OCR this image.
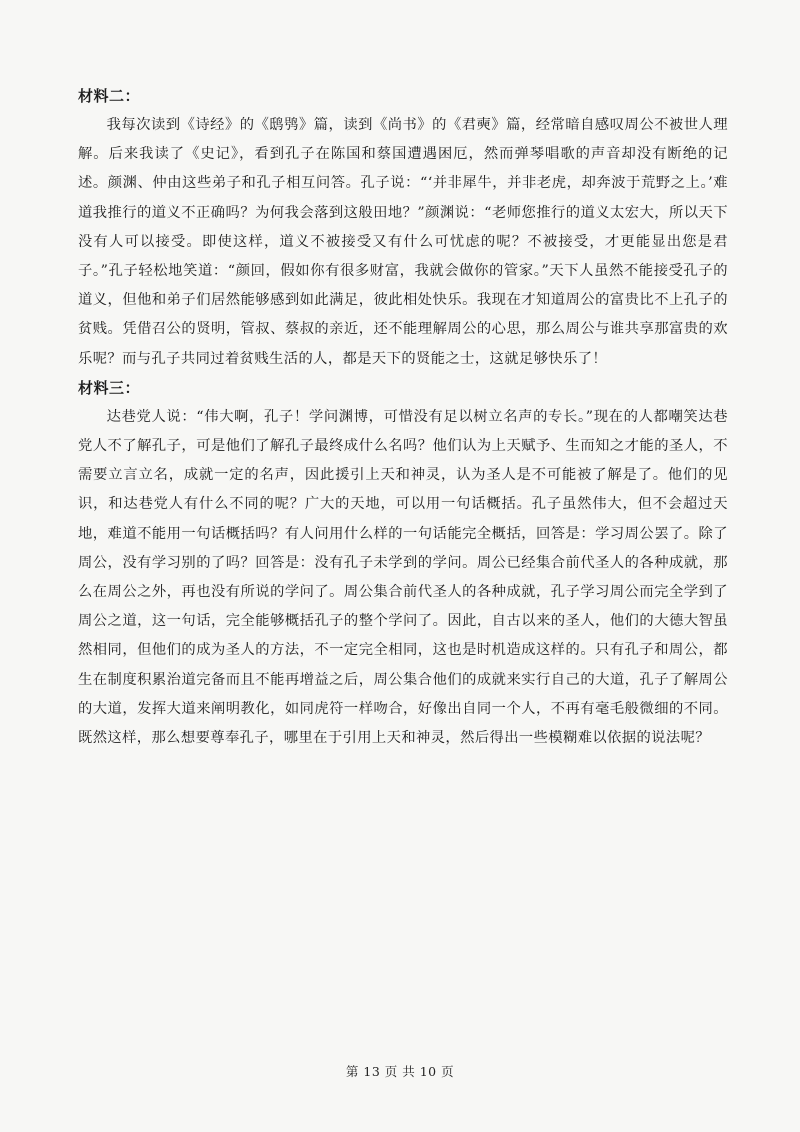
材料二：

我每次读到《诗经》的《鸱鸮》篇，读到《尚书》的《君奭》篇，经常暗自感叹周公不被世人理解。后来我读了《史记》，看到孔子在陈国和蔡国遭遇困厄，然而弹琴唱歌的声音却没有断绝的记述。颜渊、仲由这些弟子和孔子相互问答。孔子说：“‘并非犀牛，并非老虎，却奔波于荒野之上。’难道我推行的道义不正确吗？为何我会落到这般田地？”颜渊说：“老师您推行的道义太宏大，所以天下没有人可以接受。即使这样，道义不被接受又有什么可忧虑的呢？不被接受，才更能显出您是君子。”孔子轻松地笑道：“颜回，假如你有很多财富，我就会做你的管家。”天下人虽然不能接受孔子的道义，但他和弟子们居然能够感到如此满足，彼此相处快乐。我现在才知道周公的富贵比不上孔子的贫贱。凭借召公的贤明，管叔、蔡叔的亲近，还不能理解周公的心思，那么周公与谁共享那富贵的欢乐呢？而与孔子共同过着贫贱生活的人，都是天下的贤能之士，这就足够快乐了！

材料三：

达巷党人说：“伟大啊，孔子！学问渊博，可惜没有足以树立名声的专长。”现在的人都嘲笑达巷党人不了解孔子，可是他们了解孔子最终成什么名吗？他们认为上天赋予、生而知之才能的圣人，不需要立言立名，成就一定的名声，因此援引上天和神灵，认为圣人是不可能被了解是了。他们的见识，和达巷党人有什么不同的呢？广大的天地，可以用一句话概括。孔子虽然伟大，但不会超过天地，难道不能用一句话概括吗？有人问用什么样的一句话能完全概括，回答是：学习周公罢了。除了周公，没有学习别的了吗？回答是：没有孔子未学到的学问。周公已经集合前代圣人的各种成就，那么在周公之外，再也没有所说的学问了。周公集合前代圣人的各种成就，孔子学习周公而完全学到了周公之道，这一句话，完全能够概括孔子的整个学问了。因此，自古以来的圣人，他们的大德大智虽然相同，但他们的成为圣人的方法，不一定完全相同，这也是时机造成这样的。只有孔子和周公，都生在制度积累治道完备而且不能再增益之后，周公集合他们的成就来实行自己的大道，孔子了解周公的大道，发挥大道来阐明教化，如同虎符一样吻合，好像出自同一个人，不再有毫毛般微细的不同。既然这样，那么想要尊奉孔子，哪里在于引用上天和神灵，然后得出一些模糊难以依据的说法呢？

第 13 页 共 10 页
